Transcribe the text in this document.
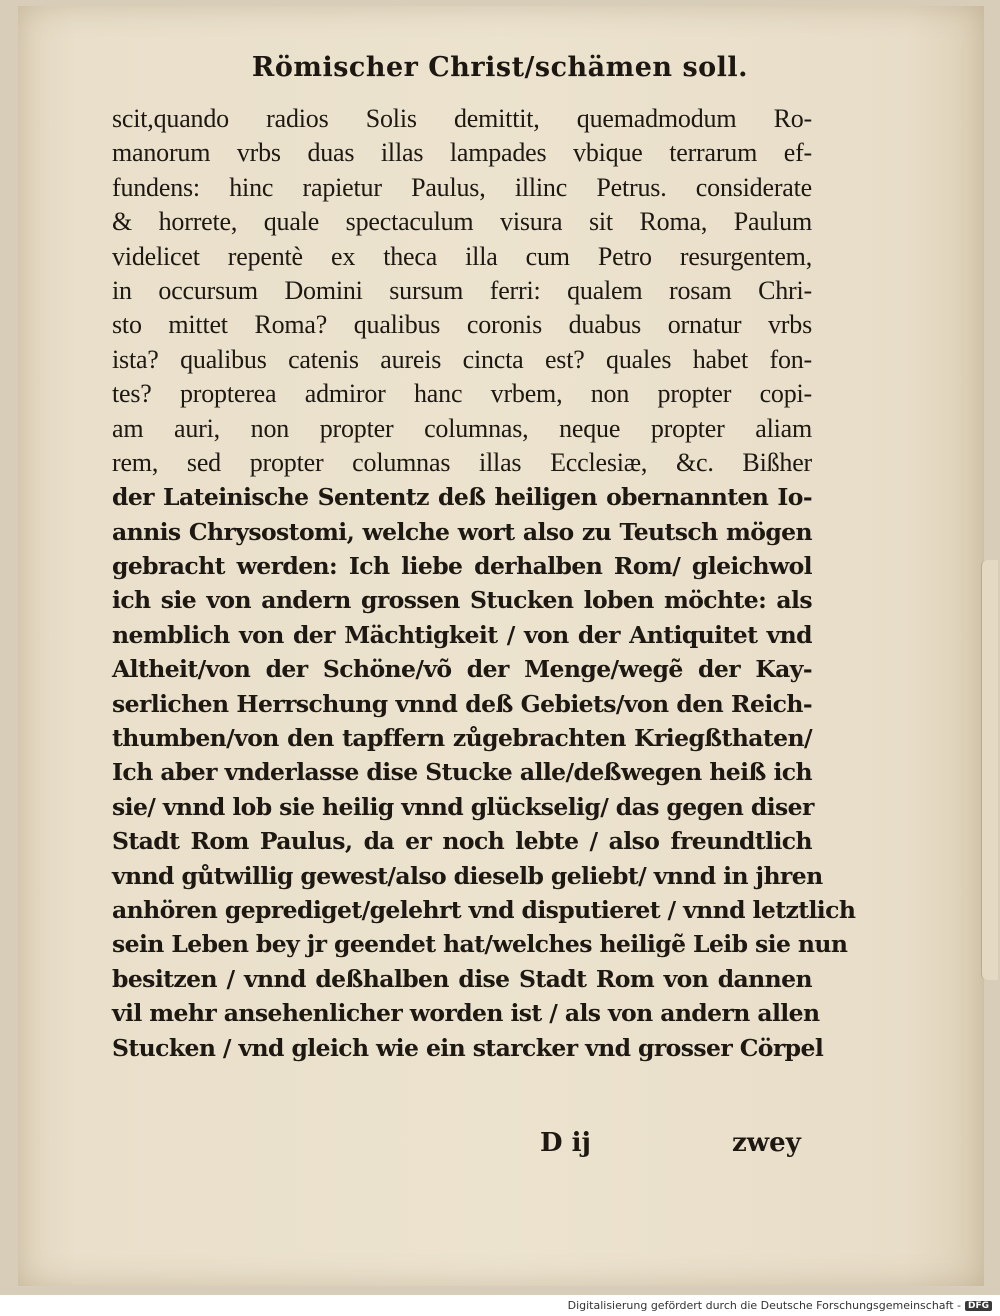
Römischer Christ/schämen soll.
scit,quando radios Solis demittit, quemadmodum Ro-
manorum vrbs duas illas lampades vbique terrarum ef-
fundens: hinc rapietur Paulus, illinc Petrus. considerate
& horrete, quale spectaculum visura sit Roma, Paulum
videlicet repentè ex theca illa cum Petro resurgentem,
in occursum Domini sursum ferri: qualem rosam Chri-
sto mittet Roma? qualibus coronis duabus ornatur vrbs
ista? qualibus catenis aureis cincta est? quales habet fon-
tes? propterea admiror hanc vrbem, non propter copi-
am auri, non propter columnas, neque propter aliam
rem, sed propter columnas illas Ecclesiæ, &c. Bißher
der Lateinische Sententz deß heiligen obernannten Io-
annis Chrysostomi, welche wort also zu Teutsch mögen
gebracht werden: Ich liebe derhalben Rom/ gleichwol
ich sie von andern grossen Stucken loben möchte: als
nemblich von der Mächtigkeit / von der Antiquitet vnd
Altheit/von der Schöne/võ der Menge/wegẽ der Kay-
serlichen Herrschung vnnd deß Gebiets/von den Reich-
thumben/von den tapffern zůgebrachten Kriegßthaten/
Ich aber vnderlasse dise Stucke alle/deßwegen heiß ich
sie/ vnnd lob sie heilig vnnd glückselig/ das gegen diser
Stadt Rom Paulus, da er noch lebte / also freundtlich
vnnd gůtwillig gewest/also dieselb geliebt/ vnnd in jhren
anhören geprediget/gelehrt vnd disputieret / vnnd letztlich
sein Leben bey jr geendet hat/welches heiligẽ Leib sie nun
besitzen / vnnd deßhalben dise Stadt Rom von dannen
vil mehr ansehenlicher worden ist / als von andern allen
Stucken / vnd gleich wie ein starcker vnd grosser Cörpel
D ij	zwey
Digitalisierung gefördert durch die Deutsche Forschungsgemeinschaft - DFG
